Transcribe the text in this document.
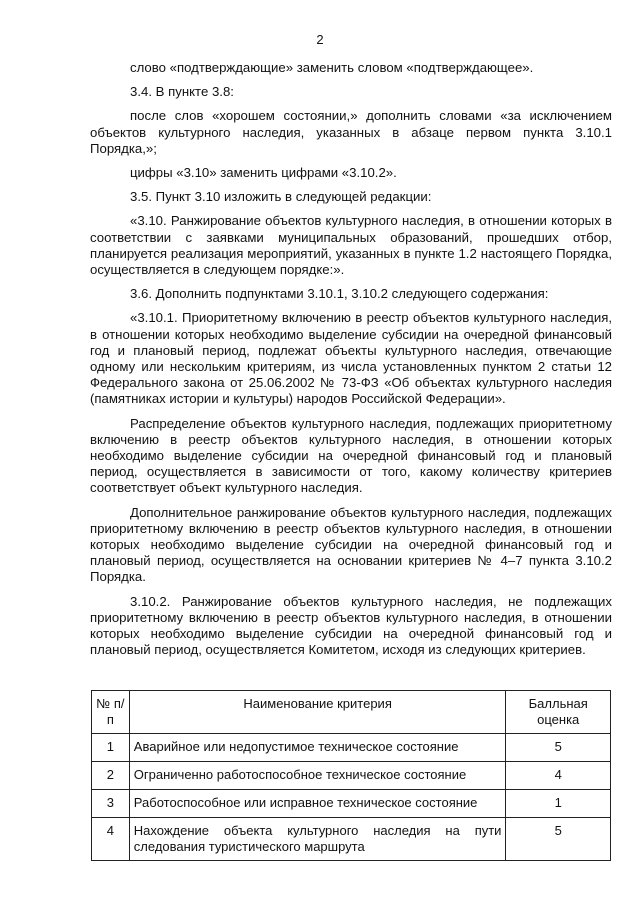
2

слово «подтверждающие» заменить словом «подтверждающее».

3.4. В пункте 3.8:

после слов «хорошем состоянии,» дополнить словами «за исключением объектов культурного наследия, указанных в абзаце первом пункта 3.10.1 Порядка,»;

цифры «3.10» заменить цифрами «3.10.2».

3.5. Пункт 3.10 изложить в следующей редакции:

«3.10. Ранжирование объектов культурного наследия, в отношении которых в соответствии с заявками муниципальных образований, прошедших отбор, планируется реализация мероприятий, указанных в пункте 1.2 настоящего Порядка, осуществляется в следующем порядке:».

3.6. Дополнить подпунктами 3.10.1, 3.10.2 следующего содержания:

«3.10.1. Приоритетному включению в реестр объектов культурного наследия, в отношении которых необходимо выделение субсидии на очередной финансовый год и плановый период, подлежат объекты культурного наследия, отвечающие одному или нескольким критериям, из числа установленных пунктом 2 статьи 12 Федерального закона от 25.06.2002 № 73-ФЗ «Об объектах культурного наследия (памятниках истории и культуры) народов Российской Федерации».

Распределение объектов культурного наследия, подлежащих приоритетному включению в реестр объектов культурного наследия, в отношении которых необходимо выделение субсидии на очередной финансовый год и плановый период, осуществляется в зависимости от того, какому количеству критериев соответствует объект культурного наследия.

Дополнительное ранжирование объектов культурного наследия, подлежащих приоритетному включению в реестр объектов культурного наследия, в отношении которых необходимо выделение субсидии на очередной финансовый год и плановый период, осуществляется на основании критериев № 4–7 пункта 3.10.2 Порядка.

3.10.2. Ранжирование объектов культурного наследия, не подлежащих приоритетному включению в реестр объектов культурного наследия, в отношении которых необходимо выделение субсидии на очередной финансовый год и плановый период, осуществляется Комитетом, исходя из следующих критериев.

№ п/п	Наименование критерия	Балльная оценка
1	Аварийное или недопустимое техническое состояние	5
2	Ограниченно работоспособное техническое состояние	4
3	Работоспособное или исправное техническое состояние	1
4	Нахождение объекта культурного наследия на пути следования туристического маршрута	5
